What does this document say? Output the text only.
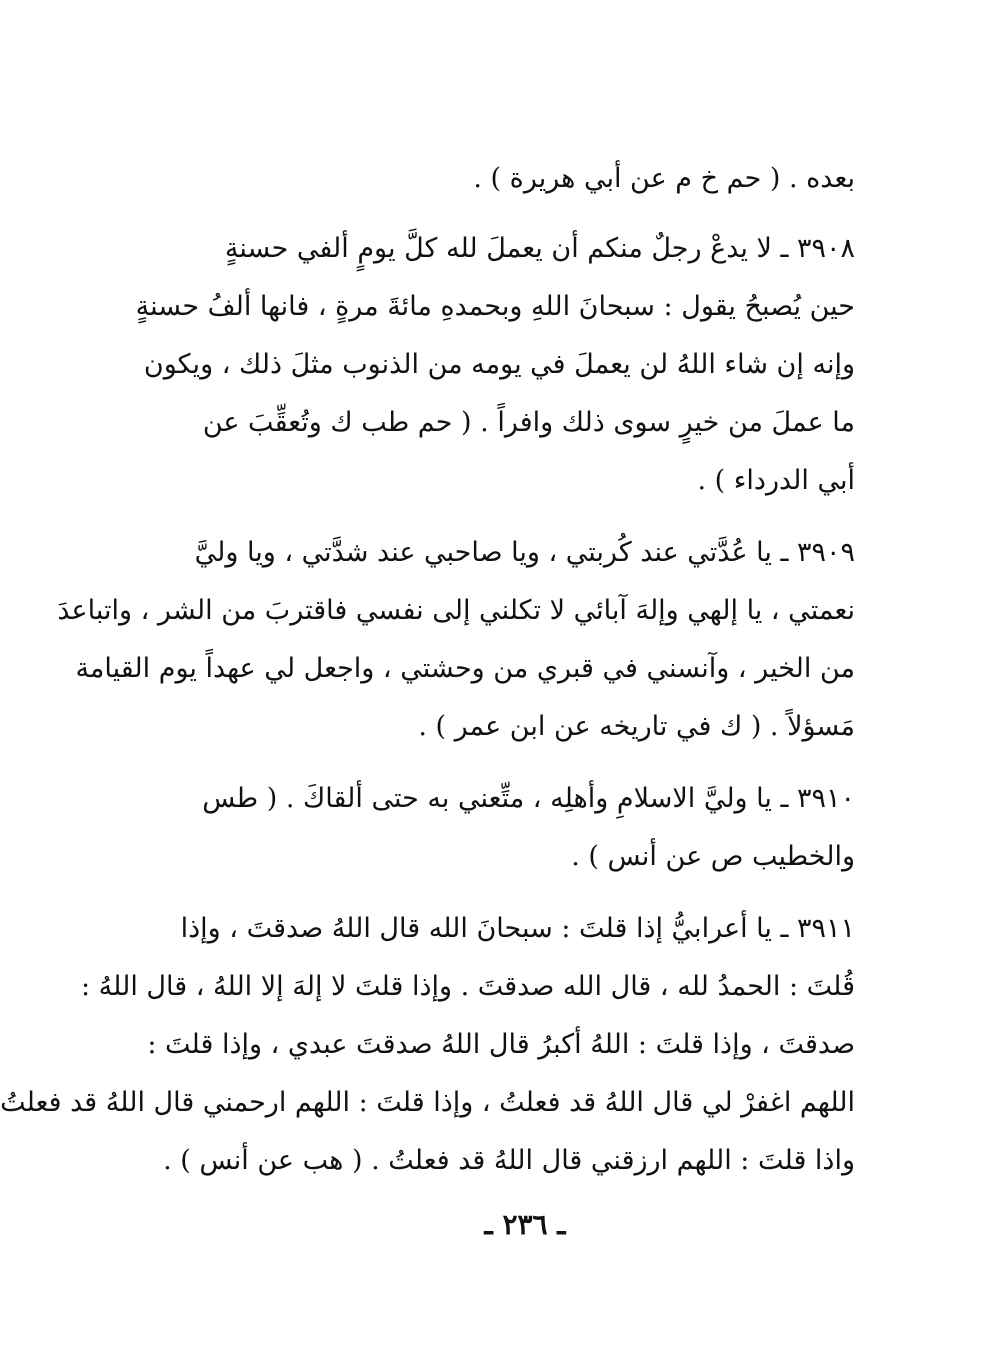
بعده . ( حم خ م عن أبي هريرة ) .

٣٩٠٨ ـ لا يدعْ رجلٌ منكم أن يعملَ لله كلَّ يومٍ ألفي حسنةٍ
حين يُصبحُ يقول : سبحانَ اللهِ وبحمدهِ مائةَ مرةٍ ، فانها ألفُ حسنةٍ
وإنه إن شاء اللهُ لن يعملَ في يومه من الذنوب مثلَ ذلك ، ويكون
ما عملَ من خيرٍ سوى ذلك وافراً . ( حم طب ك وتُعقِّبَ عن
أبي الدرداء ) .

٣٩٠٩ ـ يا عُدَّتي عند كُربتي ، ويا صاحبي عند شدَّتي ، ويا وليَّ
نعمتي ، يا إلهي وإلهَ آبائي لا تكلني إلى نفسي فاقتربَ من الشر ، واتباعدَ
من الخير ، وآنسني في قبري من وحشتي ، واجعل لي عهداً يوم القيامة
مَسؤلاً . ( ك في تاريخه عن ابن عمر ) .

٣٩١٠ ـ يا وليَّ الاسلامِ وأهلِه ، متِّعني به حتى ألقاكَ . ( طس
والخطيب ص عن أنس ) .

٣٩١١ ـ يا أعرابيُّ إذا قلتَ : سبحانَ الله قال اللهُ صدقتَ ، وإذا
قُلتَ : الحمدُ لله ، قال الله صدقتَ . وإذا قلتَ لا إلهَ إلا اللهُ ، قال اللهُ :
صدقتَ ، وإذا قلتَ : اللهُ أكبرُ قال اللهُ صدقتَ عبدي ، وإذا قلتَ :
اللهم اغفرْ لي قال اللهُ قد فعلتُ ، وإذا قلتَ : اللهم ارحمني قال اللهُ قد فعلتُ
واذا قلتَ : اللهم ارزقني قال اللهُ قد فعلتُ . ( هب عن أنس ) .

ـ ٢٣٦ ـ
